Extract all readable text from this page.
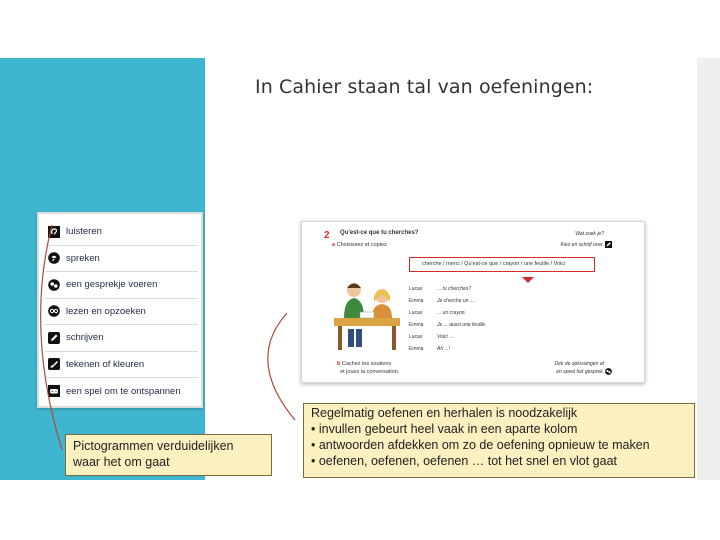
In Cahier staan tal van oefeningen:
luisteren
spreken
een gesprekje voeren
lezen en opzoeken
schrijven
tekenen of kleuren
een spel om te ontspannen
2 Qu'est-ce que tu cherches?
a Choisissez et copiez.
Wat zoek je?
Kies en schrijf over.
cherche / merci / Qu'est-ce que / crayon / une feuille / Voici
Lucas	... tu cherches?
Emma	Je cherche un ....
Lucas	... un crayon.
Emma	Je ... aussi une feuille.
Lucas	Voici ....
Emma	Ah ...!
b Cachez les soutiens
et jouez la conversation.
Dek de oplossingen af
en speel het gesprek.
Pictogrammen verduidelijken
waar het om gaat
Regelmatig oefenen en herhalen is noodzakelijk
• invullen gebeurt heel vaak in een aparte kolom
• antwoorden afdekken om zo de oefening opnieuw te maken
• oefenen, oefenen, oefenen … tot het snel en vlot gaat
